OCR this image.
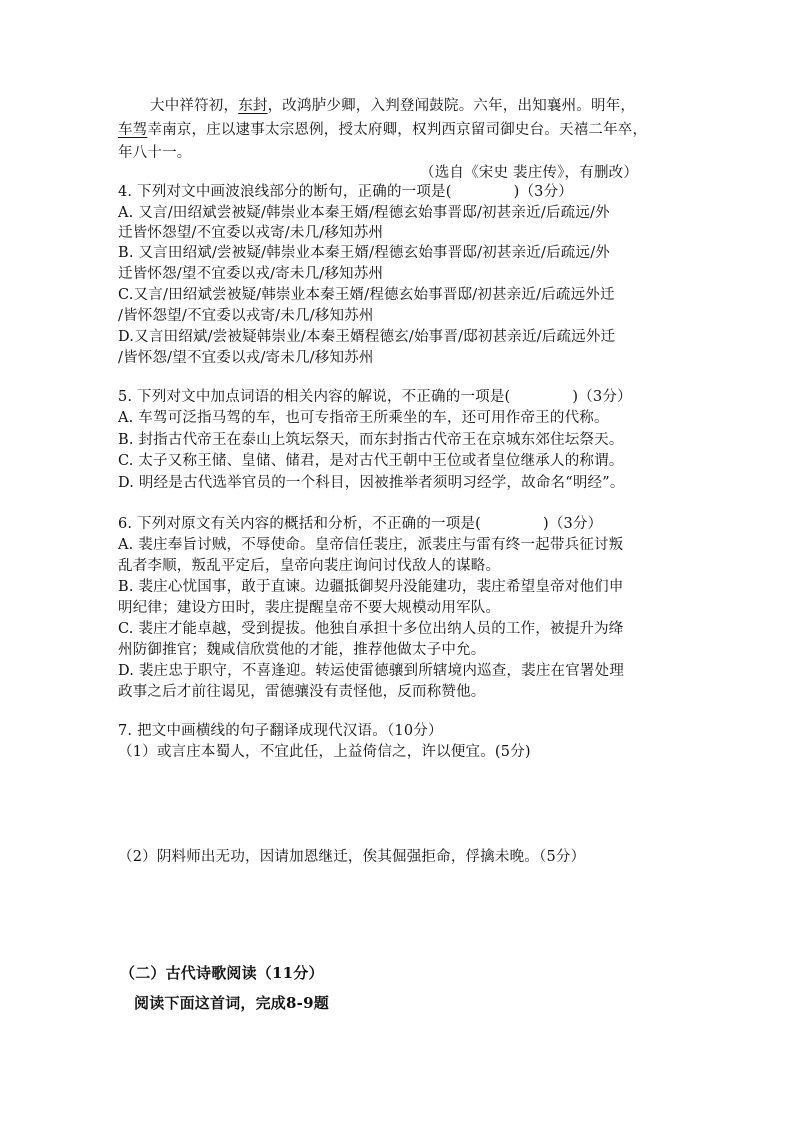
大中祥符初，东封，改鸿胪少卿，入判登闻鼓院。六年，出知襄州。明年，
车驾幸南京，庄以逮事太宗恩例，授太府卿，权判西京留司御史台。天禧二年卒，
年八十一。
（选自《宋史 裴庄传》，有删改）
4. 下列对文中画波浪线部分的断句，正确的一项是(	)（3分）
A. 又言/田绍斌尝被疑/韩崇业本秦王婿/程德玄始事晋邸/初甚亲近/后疏远/外
迁皆怀怨望/不宜委以戎寄/未几/移知苏州
B. 又言田绍斌/尝被疑/韩崇业本秦王婿/程德玄始事晋邸/初甚亲近/后疏远/外
迁皆怀怨/望不宜委以戎/寄未几/移知苏州
C.又言/田绍斌尝被疑/韩崇业本秦王婿/程德玄始事晋邸/初甚亲近/后疏远外迁
/皆怀怨望/不宜委以戎寄/未几/移知苏州
D.又言田绍斌/尝被疑韩崇业/本秦王婿程德玄/始事晋/邸初甚亲近/后疏远外迁
/皆怀怨/望不宜委以戎/寄未几/移知苏州
5. 下列对文中加点词语的相关内容的解说，不正确的一项是(	)（3分）
A. 车驾可泛指马驾的车，也可专指帝王所乘坐的车，还可用作帝王的代称。
B. 封指古代帝王在泰山上筑坛祭天，而东封指古代帝王在京城东郊住坛祭天。
C. 太子又称王储、皇储、储君，是对古代王朝中王位或者皇位继承人的称谓。
D. 明经是古代选举官员的一个科目，因被推举者须明习经学，故命名“明经”。
6. 下列对原文有关内容的概括和分析，不正确的一项是(	)（3分）
A. 裴庄奉旨讨贼，不辱使命。皇帝信任裴庄，派裴庄与雷有终一起带兵征讨叛
乱者李顺，叛乱平定后，皇帝向裴庄询问讨伐敌人的谋略。
B. 裴庄心忧国事，敢于直谏。边疆抵御契丹没能建功，裴庄希望皇帝对他们申
明纪律；建设方田时，裴庄提醒皇帝不要大规模动用军队。
C. 裴庄才能卓越，受到提拔。他独自承担十多位出纳人员的工作，被提升为绛
州防御推官；魏咸信欣赏他的才能，推荐他做太子中允。
D. 裴庄忠于职守，不喜逢迎。转运使雷德骧到所辖境内巡查，裴庄在官署处理
政事之后才前往谒见，雷德骧没有责怪他，反而称赞他。
7. 把文中画横线的句子翻译成现代汉语。（10分）
（1）或言庄本蜀人，不宜此任，上益倚信之，许以便宜。(5分)
（2）阴料师出无功，因请加恩继迁，俟其倔强拒命，俘擒未晚。（5分）
（二）古代诗歌阅读（11分）
阅读下面这首词，完成8-9题
